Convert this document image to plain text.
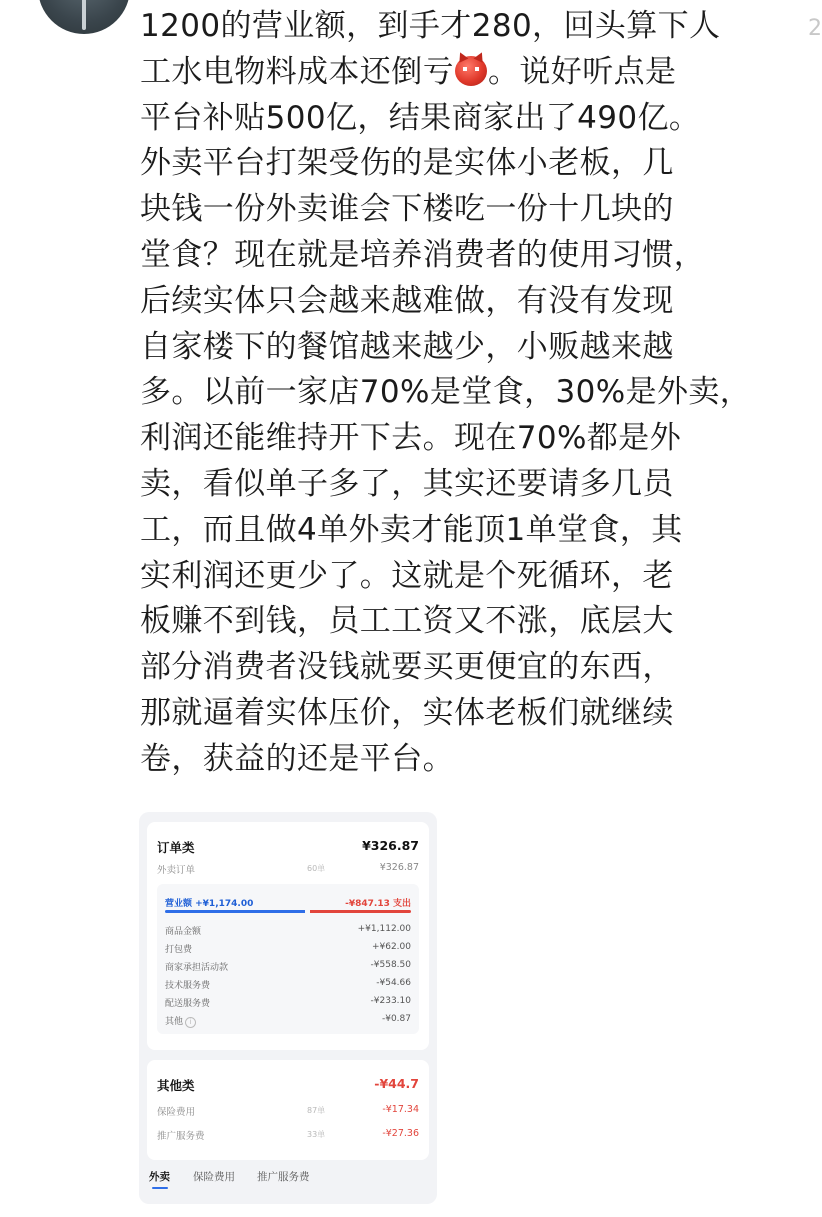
2
1200的营业额，到手才280，回头算下人
工水电物料成本还倒亏 。说好听点是
平台补贴500亿，结果商家出了490亿。
外卖平台打架受伤的是实体小老板，几
块钱一份外卖谁会下楼吃一份十几块的
堂食？现在就是培养消费者的使用习惯，
后续实体只会越来越难做，有没有发现
自家楼下的餐馆越来越少，小贩越来越
多。以前一家店70%是堂食，30%是外卖，
利润还能维持开下去。现在70%都是外
卖，看似单子多了，其实还要请多几员
工，而且做4单外卖才能顶1单堂食，其
实利润还更少了。这就是个死循环，老
板赚不到钱，员工工资又不涨，底层大
部分消费者没钱就要买更便宜的东西，
那就逼着实体压价，实体老板们就继续
卷，获益的还是平台。
订单类	¥326.87
外卖订单	60单	¥326.87
营业额 +¥1,174.00	-¥847.13 支出
商品金额	+¥1,112.00
打包费	+¥62.00
商家承担活动款	-¥558.50
技术服务费	-¥54.66
配送服务费	-¥233.10
其他 i	-¥0.87
其他类	-¥44.7
保险费用	87单	-¥17.34
推广服务费	33单	-¥27.36
外卖 保险费用 推广服务费
